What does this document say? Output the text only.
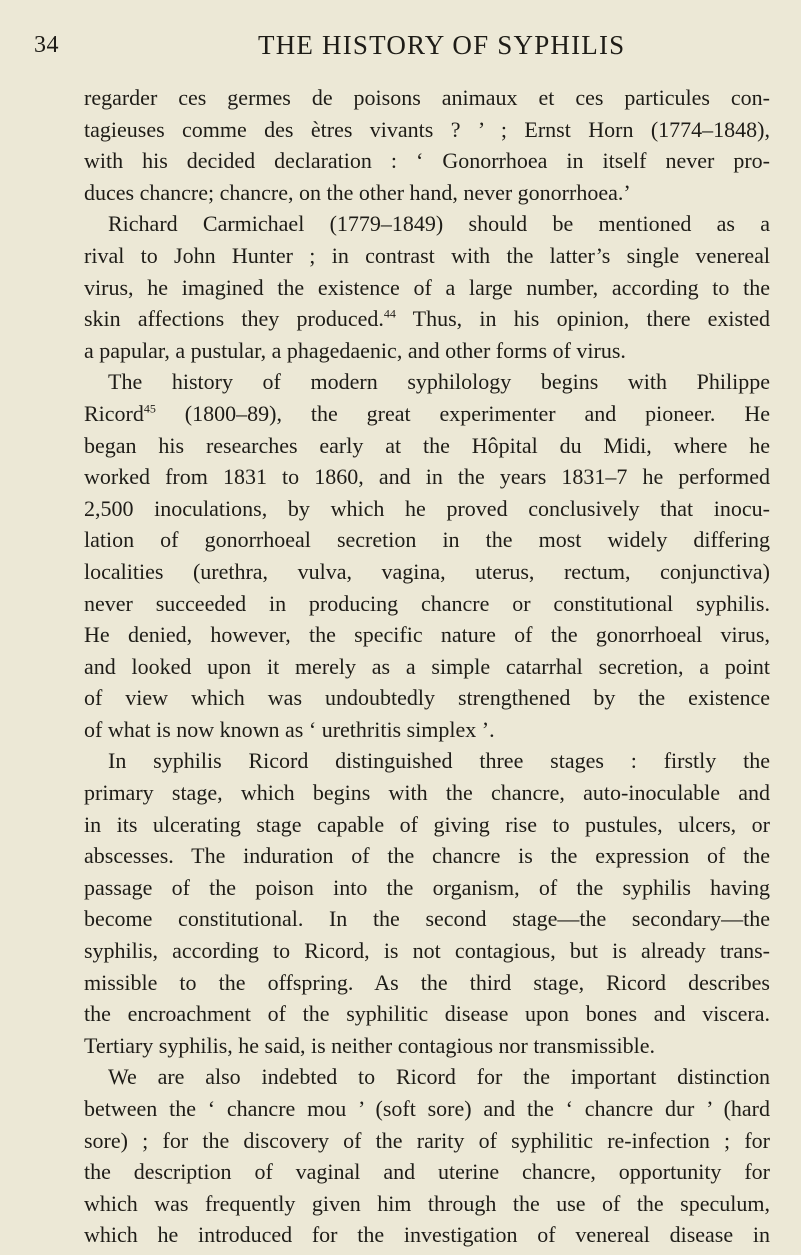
34	THE HISTORY OF SYPHILIS
regarder ces germes de poisons animaux et ces particules con-
tagieuses comme des ètres vivants ? ’ ; Ernst Horn (1774–1848),
with his decided declaration : ‘ Gonorrhoea in itself never pro-
duces chancre; chancre, on the other hand, never gonorrhoea.’
Richard Carmichael (1779–1849) should be mentioned as a
rival to John Hunter ; in contrast with the latter’s single venereal
virus, he imagined the existence of a large number, according to the
skin affections they produced.$^{44}$ Thus, in his opinion, there existed
a papular, a pustular, a phagedaenic, and other forms of virus.
The history of modern syphilology begins with Philippe
Ricord$^{45}$ (1800–89), the great experimenter and pioneer. He
began his researches early at the Hôpital du Midi, where he
worked from 1831 to 1860, and in the years 1831–7 he performed
2,500 inoculations, by which he proved conclusively that inocu-
lation of gonorrhoeal secretion in the most widely differing
localities (urethra, vulva, vagina, uterus, rectum, conjunctiva)
never succeeded in producing chancre or constitutional syphilis.
He denied, however, the specific nature of the gonorrhoeal virus,
and looked upon it merely as a simple catarrhal secretion, a point
of view which was undoubtedly strengthened by the existence
of what is now known as ‘ urethritis simplex ’.
In syphilis Ricord distinguished three stages : firstly the
primary stage, which begins with the chancre, auto-inoculable and
in its ulcerating stage capable of giving rise to pustules, ulcers, or
abscesses. The induration of the chancre is the expression of the
passage of the poison into the organism, of the syphilis having
become constitutional. In the second stage—the secondary—the
syphilis, according to Ricord, is not contagious, but is already trans-
missible to the offspring. As the third stage, Ricord describes
the encroachment of the syphilitic disease upon bones and viscera.
Tertiary syphilis, he said, is neither contagious nor transmissible.
We are also indebted to Ricord for the important distinction
between the ‘ chancre mou ’ (soft sore) and the ‘ chancre dur ’ (hard
sore) ; for the discovery of the rarity of syphilitic re-infection ; for
the description of vaginal and uterine chancre, opportunity for
which was frequently given him through the use of the speculum,
which he introduced for the investigation of venereal disease in
